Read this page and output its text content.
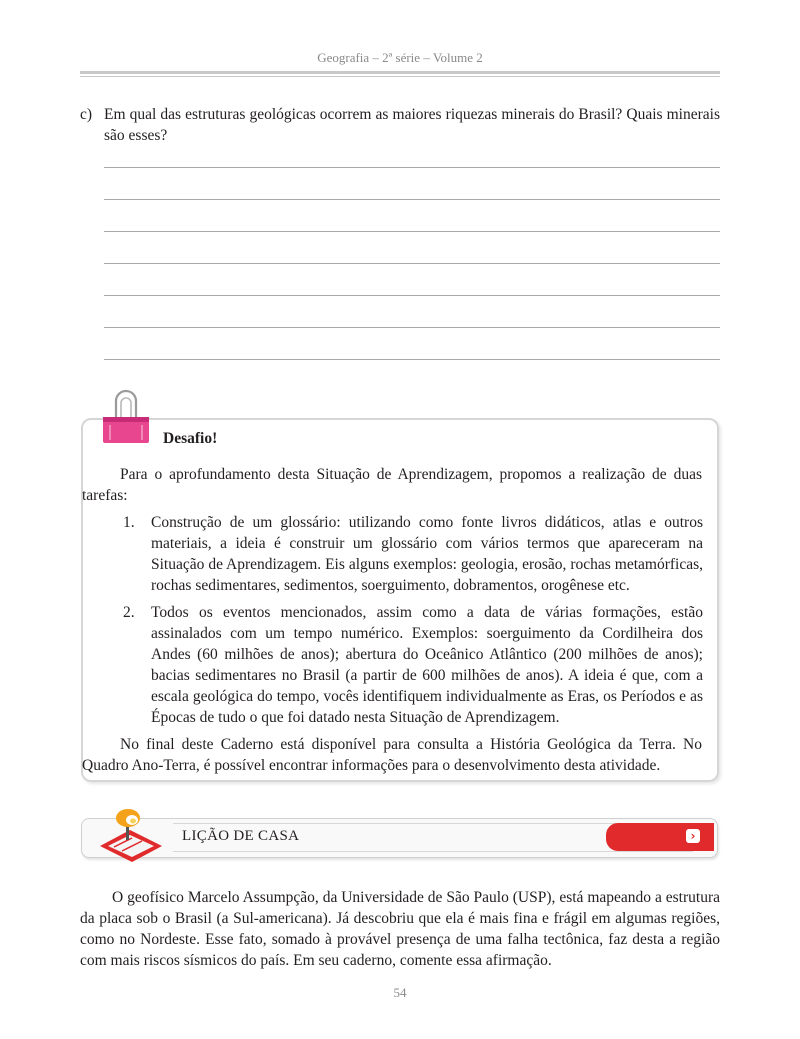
Geografia – 2ª série – Volume 2
c) Em qual das estruturas geológicas ocorrem as maiores riquezas minerais do Brasil? Quais minerais são esses?
Desafio!
Para o aprofundamento desta Situação de Aprendizagem, propomos a realização de duas tarefas:
1. Construção de um glossário: utilizando como fonte livros didáticos, atlas e outros materiais, a ideia é construir um glossário com vários termos que apareceram na Situação de Aprendizagem. Eis alguns exemplos: geologia, erosão, rochas metamórficas, rochas sedimentares, sedimentos, soerguimento, dobramentos, orogênese etc.
2. Todos os eventos mencionados, assim como a data de várias formações, estão assinalados com um tempo numérico. Exemplos: soerguimento da Cordilheira dos Andes (60 milhões de anos); abertura do Oceânico Atlântico (200 milhões de anos); bacias sedimentares no Brasil (a partir de 600 milhões de anos). A ideia é que, com a escala geológica do tempo, vocês identifiquem individualmente as Eras, os Períodos e as Épocas de tudo o que foi datado nesta Situação de Aprendizagem.
No final deste Caderno está disponível para consulta a História Geológica da Terra. No Quadro Ano-Terra, é possível encontrar informações para o desenvolvimento desta atividade.
LIÇÃO DE CASA	›
O geofísico Marcelo Assumpção, da Universidade de São Paulo (USP), está mapeando a estrutura da placa sob o Brasil (a Sul-americana). Já descobriu que ela é mais fina e frágil em algumas regiões, como no Nordeste. Esse fato, somado à provável presença de uma falha tectônica, faz desta a região com mais riscos sísmicos do país. Em seu caderno, comente essa afirmação.
54
